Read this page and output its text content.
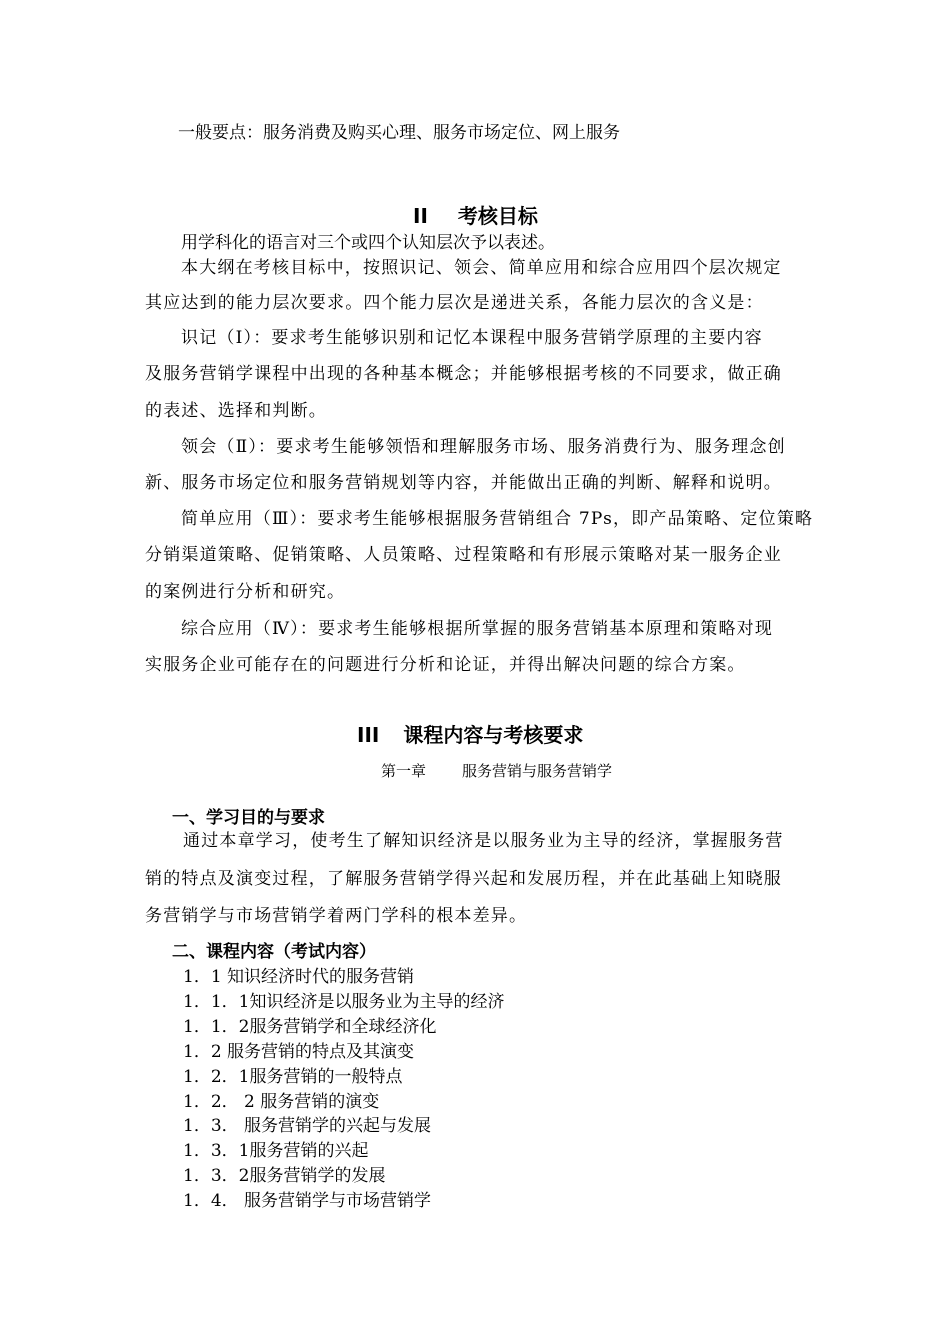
一般要点：服务消费及购买心理、服务市场定位、网上服务
II 考核目标
用学科化的语言对三个或四个认知层次予以表述。
本大纲在考核目标中，按照识记、领会、简单应用和综合应用四个层次规定
其应达到的能力层次要求。四个能力层次是递进关系，各能力层次的含义是：
识记（Ⅰ）：要求考生能够识别和记忆本课程中服务营销学原理的主要内容
及服务营销学课程中出现的各种基本概念；并能够根据考核的不同要求，做正确
的表述、选择和判断。
领会（Ⅱ）：要求考生能够领悟和理解服务市场、服务消费行为、服务理念创
新、服务市场定位和服务营销规划等内容，并能做出正确的判断、解释和说明。
简单应用（Ⅲ）：要求考生能够根据服务营销组合 7Ps，即产品策略、定位策略
分销渠道策略、促销策略、人员策略、过程策略和有形展示策略对某一服务企业
的案例进行分析和研究。
综合应用（Ⅳ）：要求考生能够根据所掌握的服务营销基本原理和策略对现
实服务企业可能存在的问题进行分析和论证，并得出解决问题的综合方案。
III 课程内容与考核要求
第一章 服务营销与服务营销学
一、学习目的与要求
通过本章学习，使考生了解知识经济是以服务业为主导的经济，掌握服务营
销的特点及演变过程，了解服务营销学得兴起和发展历程，并在此基础上知晓服
务营销学与市场营销学着两门学科的根本差异。
二、课程内容（考试内容）
1．1 知识经济时代的服务营销
1．1．1知识经济是以服务业为主导的经济
1．1．2服务营销学和全球经济化
1．2 服务营销的特点及其演变
1．2．1服务营销的一般特点
1．2． 2 服务营销的演变
1．3． 服务营销学的兴起与发展
1．3．1服务营销的兴起
1．3．2服务营销学的发展
1．4． 服务营销学与市场营销学
